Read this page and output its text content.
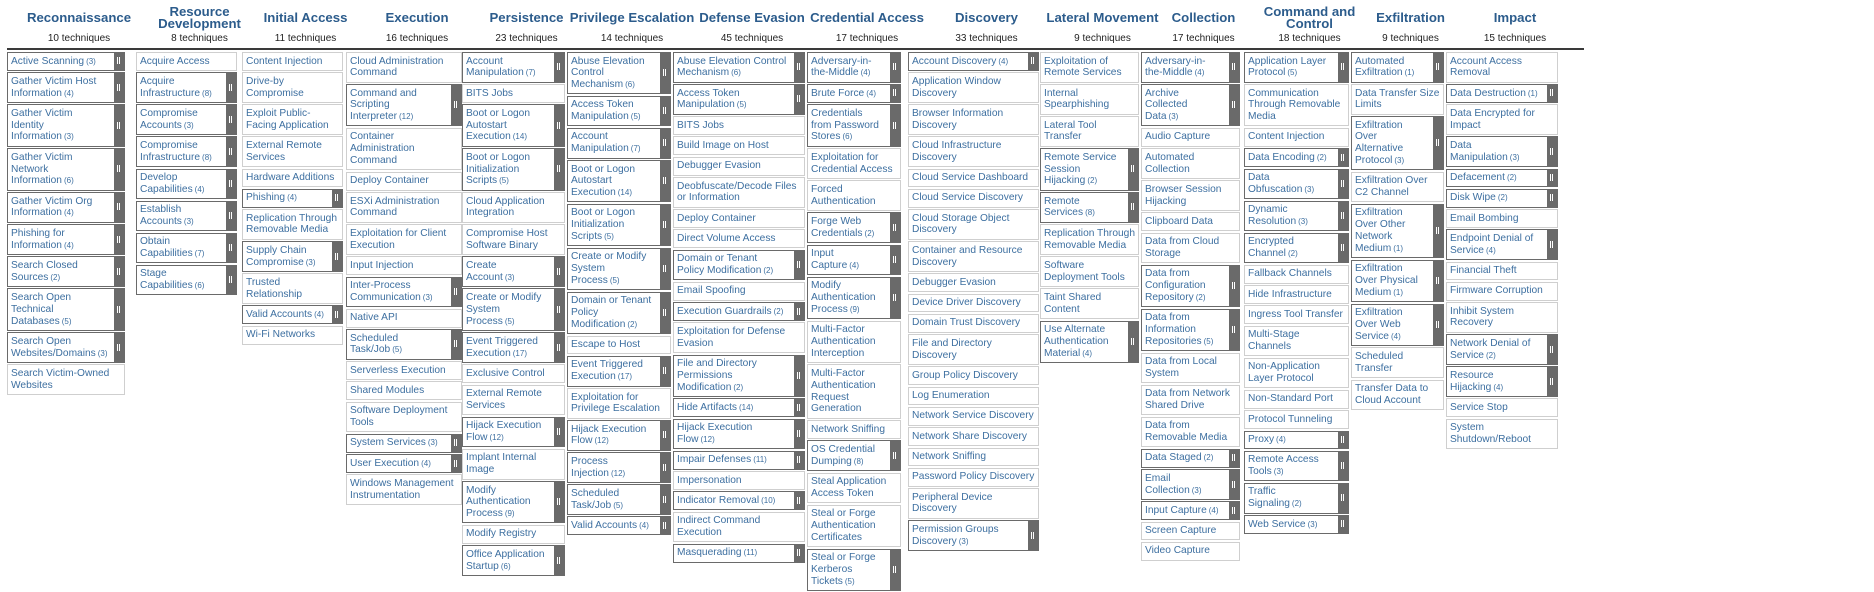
Reconnaissance
10 techniques
Active Scanning (3)
Gather Victim Host Information (4)
Gather Victim Identity Information (3)
Gather Victim Network Information (6)
Gather Victim Org Information (4)
Phishing for Information (4)
Search Closed Sources (2)
Search Open Technical Databases (5)
Search Open Websites/Domains (3)
Search Victim-Owned Websites
Resource Development
8 techniques
Acquire Access
Acquire Infrastructure (8)
Compromise Accounts (3)
Compromise Infrastructure (8)
Develop Capabilities (4)
Establish Accounts (3)
Obtain Capabilities (7)
Stage Capabilities (6)
Initial Access
11 techniques
Content Injection
Drive-by Compromise
Exploit Public-Facing Application
External Remote Services
Hardware Additions
Phishing (4)
Replication Through Removable Media
Supply Chain Compromise (3)
Trusted Relationship
Valid Accounts (4)
Wi-Fi Networks
Execution
16 techniques
Cloud Administration Command
Command and Scripting Interpreter (12)
Container Administration Command
Deploy Container
ESXi Administration Command
Exploitation for Client Execution
Input Injection
Inter-Process Communication (3)
Native API
Scheduled Task/Job (5)
Serverless Execution
Shared Modules
Software Deployment Tools
System Services (3)
User Execution (4)
Windows Management Instrumentation
Persistence
23 techniques
Account Manipulation (7)
BITS Jobs
Boot or Logon Autostart Execution (14)
Boot or Logon Initialization Scripts (5)
Cloud Application Integration
Compromise Host Software Binary
Create Account (3)
Create or Modify System Process (5)
Event Triggered Execution (17)
Exclusive Control
External Remote Services
Hijack Execution Flow (12)
Implant Internal Image
Modify Authentication Process (9)
Modify Registry
Office Application Startup (6)
Privilege Escalation
14 techniques
Abuse Elevation Control Mechanism (6)
Access Token Manipulation (5)
Account Manipulation (7)
Boot or Logon Autostart Execution (14)
Boot or Logon Initialization Scripts (5)
Create or Modify System Process (5)
Domain or Tenant Policy Modification (2)
Escape to Host
Event Triggered Execution (17)
Exploitation for Privilege Escalation
Hijack Execution Flow (12)
Process Injection (12)
Scheduled Task/Job (5)
Valid Accounts (4)
Defense Evasion
45 techniques
Abuse Elevation Control Mechanism (6)
Access Token Manipulation (5)
BITS Jobs
Build Image on Host
Debugger Evasion
Deobfuscate/Decode Files or Information
Deploy Container
Direct Volume Access
Domain or Tenant Policy Modification (2)
Email Spoofing
Execution Guardrails (2)
Exploitation for Defense Evasion
File and Directory Permissions Modification (2)
Hide Artifacts (14)
Hijack Execution Flow (12)
Impair Defenses (11)
Impersonation
Indicator Removal (10)
Indirect Command Execution
Masquerading (11)
Credential Access
17 techniques
Adversary-in-the-Middle (4)
Brute Force (4)
Credentials from Password Stores (6)
Exploitation for Credential Access
Forced Authentication
Forge Web Credentials (2)
Input Capture (4)
Modify Authentication Process (9)
Multi-Factor Authentication Interception
Multi-Factor Authentication Request Generation
Network Sniffing
OS Credential Dumping (8)
Steal Application Access Token
Steal or Forge Authentication Certificates
Steal or Forge Kerberos Tickets (5)
Discovery
33 techniques
Account Discovery (4)
Application Window Discovery
Browser Information Discovery
Cloud Infrastructure Discovery
Cloud Service Dashboard
Cloud Service Discovery
Cloud Storage Object Discovery
Container and Resource Discovery
Debugger Evasion
Device Driver Discovery
Domain Trust Discovery
File and Directory Discovery
Group Policy Discovery
Log Enumeration
Network Service Discovery
Network Share Discovery
Network Sniffing
Password Policy Discovery
Peripheral Device Discovery
Permission Groups Discovery (3)
Lateral Movement
9 techniques
Exploitation of Remote Services
Internal Spearphishing
Lateral Tool Transfer
Remote Service Session Hijacking (2)
Remote Services (8)
Replication Through Removable Media
Software Deployment Tools
Taint Shared Content
Use Alternate Authentication Material (4)
Collection
17 techniques
Adversary-in-the-Middle (4)
Archive Collected Data (3)
Audio Capture
Automated Collection
Browser Session Hijacking
Clipboard Data
Data from Cloud Storage
Data from Configuration Repository (2)
Data from Information Repositories (5)
Data from Local System
Data from Network Shared Drive
Data from Removable Media
Data Staged (2)
Email Collection (3)
Input Capture (4)
Screen Capture
Video Capture
Command and Control
18 techniques
Application Layer Protocol (5)
Communication Through Removable Media
Content Injection
Data Encoding (2)
Data Obfuscation (3)
Dynamic Resolution (3)
Encrypted Channel (2)
Fallback Channels
Hide Infrastructure
Ingress Tool Transfer
Multi-Stage Channels
Non-Application Layer Protocol
Non-Standard Port
Protocol Tunneling
Proxy (4)
Remote Access Tools (3)
Traffic Signaling (2)
Web Service (3)
Exfiltration
9 techniques
Automated Exfiltration (1)
Data Transfer Size Limits
Exfiltration Over Alternative Protocol (3)
Exfiltration Over C2 Channel
Exfiltration Over Other Network Medium (1)
Exfiltration Over Physical Medium (1)
Exfiltration Over Web Service (4)
Scheduled Transfer
Transfer Data to Cloud Account
Impact
15 techniques
Account Access Removal
Data Destruction (1)
Data Encrypted for Impact
Data Manipulation (3)
Defacement (2)
Disk Wipe (2)
Email Bombing
Endpoint Denial of Service (4)
Financial Theft
Firmware Corruption
Inhibit System Recovery
Network Denial of Service (2)
Resource Hijacking (4)
Service Stop
System Shutdown/Reboot
